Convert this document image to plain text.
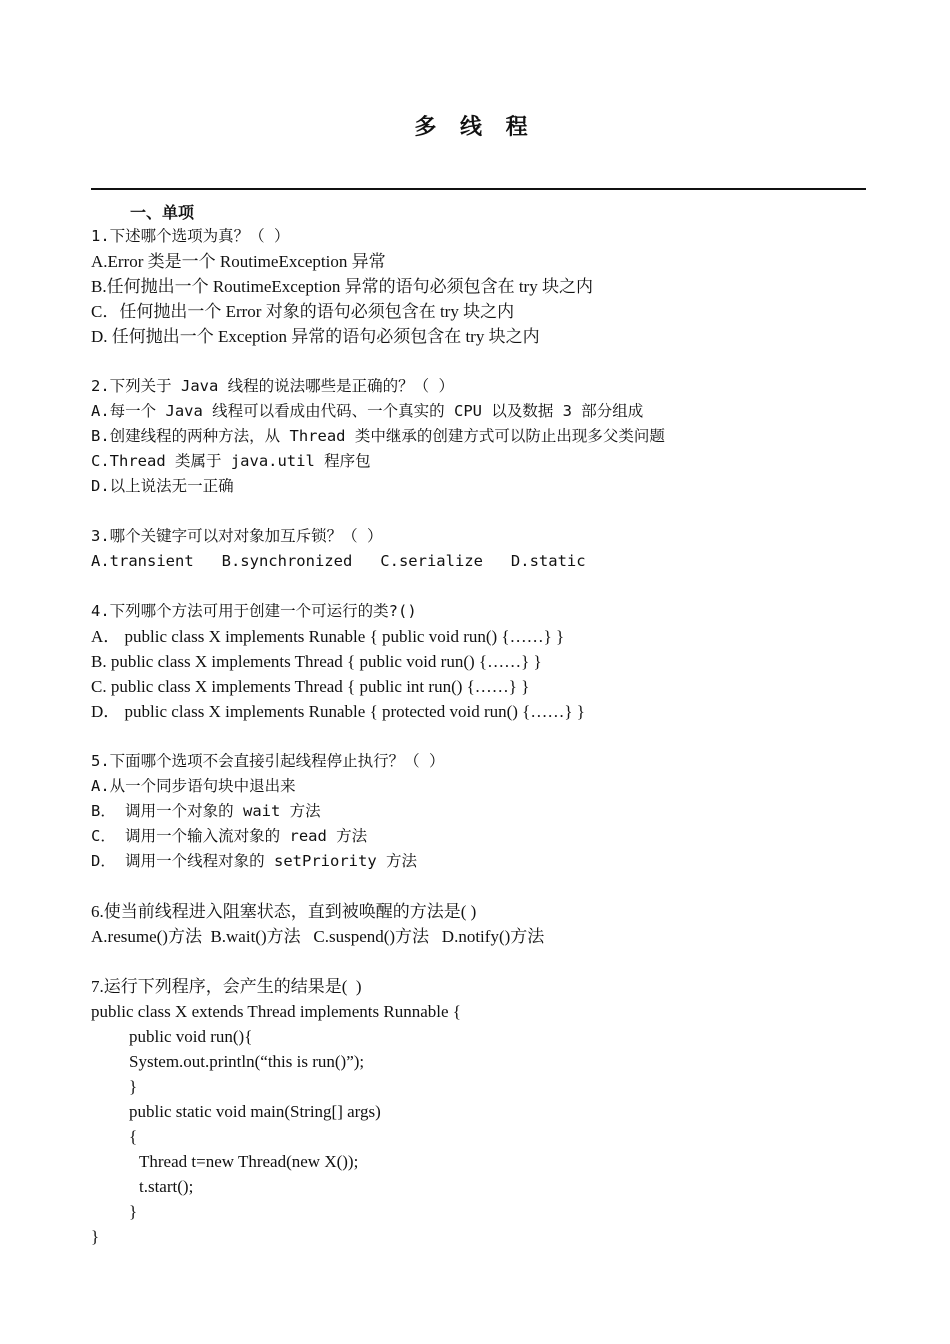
多 线 程
一、单项
1.下述哪个选项为真？（ ）
A.Error 类是一个 RoutimeException 异常
B.任何抛出一个 RoutimeException 异常的语句必须包含在 try 块之内
C．任何抛出一个 Error 对象的语句必须包含在 try 块之内
D. 任何抛出一个 Exception 异常的语句必须包含在 try 块之内
2.下列关于 Java 线程的说法哪些是正确的？（ ）
A.每一个 Java 线程可以看成由代码、一个真实的 CPU 以及数据 3 部分组成
B.创建线程的两种方法，从 Thread 类中继承的创建方式可以防止出现多父类问题
C.Thread 类属于 java.util 程序包
D.以上说法无一正确
3.哪个关键字可以对对象加互斥锁？（ ）
A.transient   B.synchronized   C.serialize   D.static
4.下列哪个方法可用于创建一个可运行的类?()
A． public class X implements Runable { public void run() {……} }
B. public class X implements Thread { public void run() {……} }
C. public class X implements Thread { public int run() {……} }
D． public class X implements Runable { protected void run() {……} }
5.下面哪个选项不会直接引起线程停止执行？（ ）
A.从一个同步语句块中退出来
B． 调用一个对象的 wait 方法
C． 调用一个输入流对象的 read 方法
D． 调用一个线程对象的 setPriority 方法
6.使当前线程进入阻塞状态，直到被唤醒的方法是( )
A.resume()方法  B.wait()方法   C.suspend()方法   D.notify()方法
7.运行下列程序，会产生的结果是(  )
public class X extends Thread implements Runnable {
public void run(){
System.out.println(“this is run()”);
}
public static void main(String[] args)
{
Thread t=new Thread(new X());
t.start();
}
}
